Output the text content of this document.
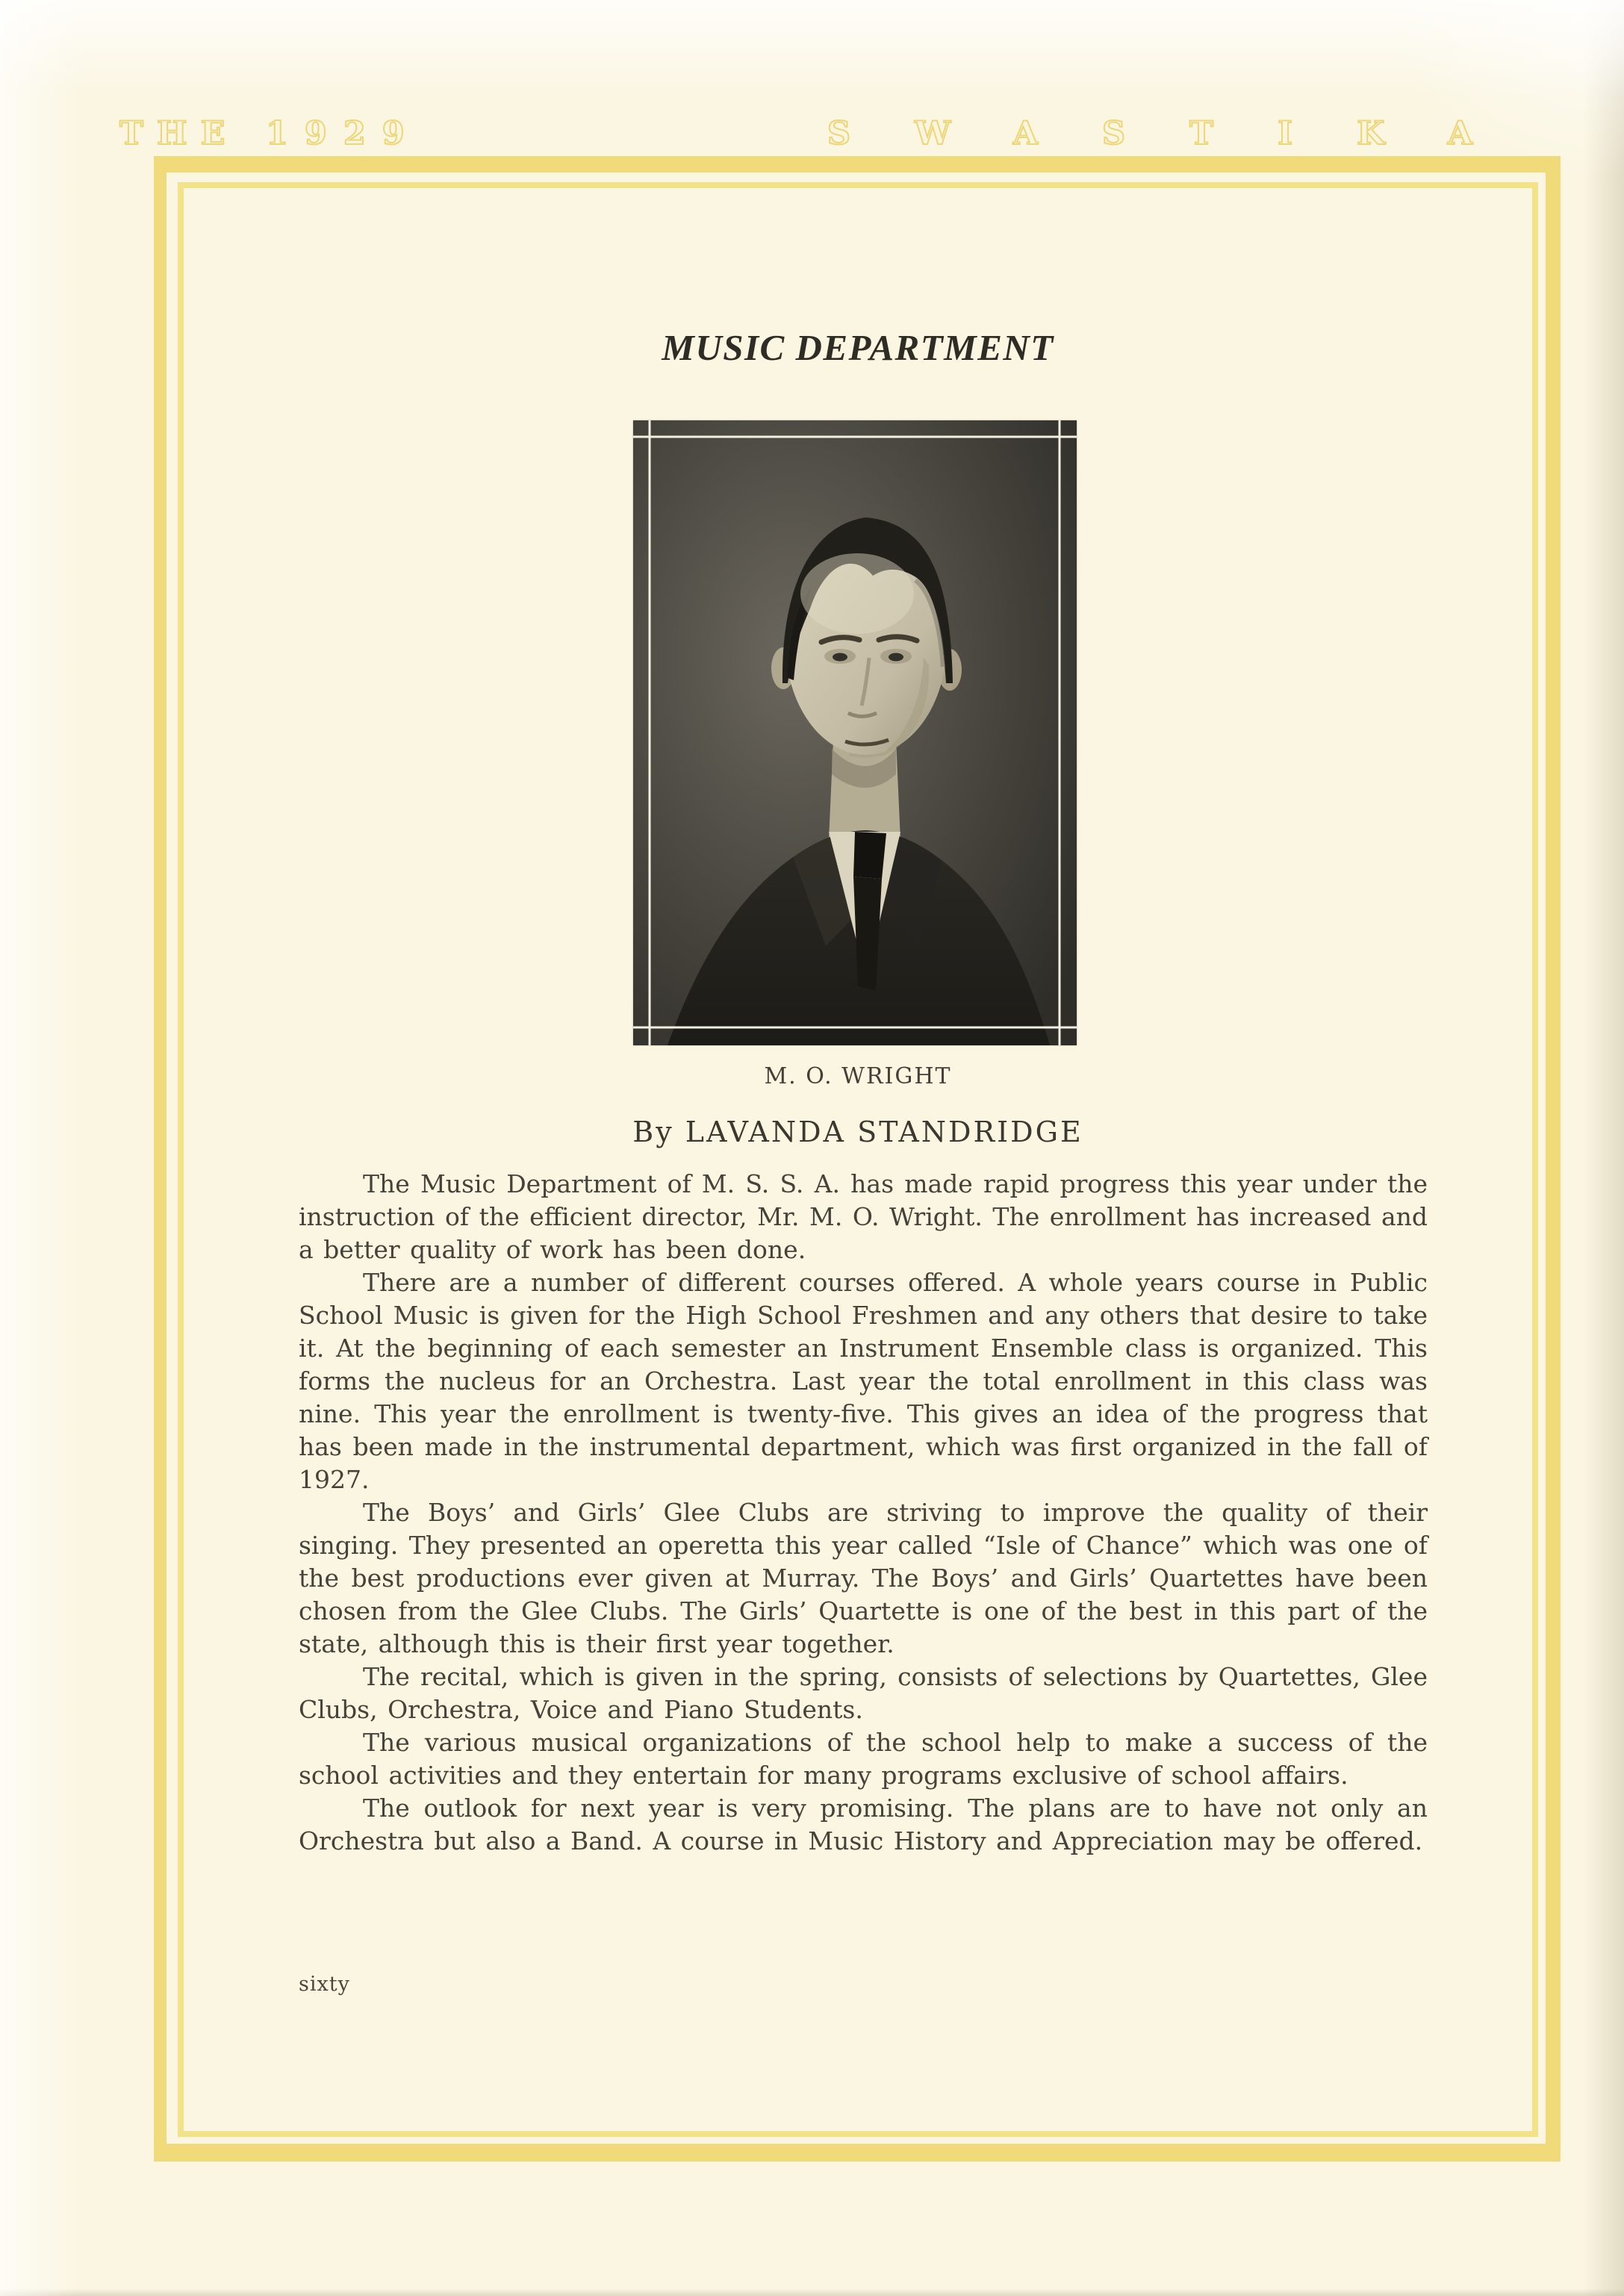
THE 1929	SWASTIKA
MUSIC DEPARTMENT
M. O. WRIGHT
By LAVANDA STANDRIDGE

The Music Department of M. S. S. A. has made rapid progress this year under the instruction of the efficient director, Mr. M. O. Wright. The enrollment has increased and a better quality of work has been done.

There are a number of different courses offered. A whole years course in Public School Music is given for the High School Freshmen and any others that desire to take it. At the beginning of each semester an Instrument Ensemble class is organized. This forms the nucleus for an Orchestra. Last year the total enrollment in this class was nine. This year the enrollment is twenty-five. This gives an idea of the progress that has been made in the instrumental department, which was first organized in the fall of 1927.

The Boys’ and Girls’ Glee Clubs are striving to improve the quality of their singing. They presented an operetta this year called “Isle of Chance” which was one of the best productions ever given at Murray. The Boys’ and Girls’ Quartettes have been chosen from the Glee Clubs. The Girls’ Quartette is one of the best in this part of the state, although this is their first year together.

The recital, which is given in the spring, consists of selections by Quartettes, Glee Clubs, Orchestra, Voice and Piano Students.

The various musical organizations of the school help to make a success of the school activities and they entertain for many programs exclusive of school affairs.

The outlook for next year is very promising. The plans are to have not only an Orchestra but also a Band. A course in Music History and Appreciation may be offered.

sixty
